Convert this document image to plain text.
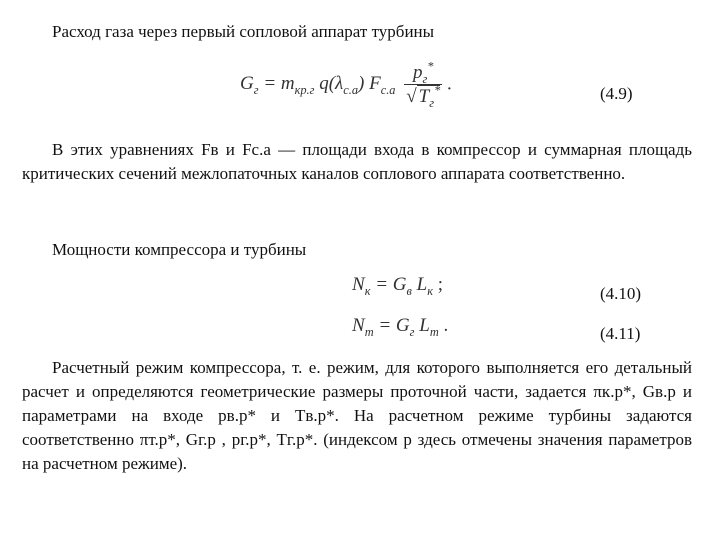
Расход газа через первый сопловой аппарат турбины
$G_г = m_{кр.г}$ $q(\lambda_{с.а})$ $F_{с.а} \frac{p_г^*}{√ T_г^*}$ .	(4.9)
В этих уравнениях Fв и Fс.а — площади входа в компрессор и суммарная площадь критических сечений межлопаточных каналов соплового аппарата соответственно.
Мощности компрессора и турбины
$N_к = G_в$ $L_к$ ;	(4.10)
$N_т = G_г$ $L_т$ .	(4.11)
Расчетный режим компрессора, т. е. режим, для которого выполняется его детальный расчет и определяются геометрические размеры проточной части, задается πк.р*, Gв.р и параметрами на входе pв.р* и Tв.р*. На расчетном режиме турбины задаются соответственно πт.р*, Gг.р , pг.р*, Tг.р*. (индексом р здесь отмечены значения параметров на расчетном режиме).
